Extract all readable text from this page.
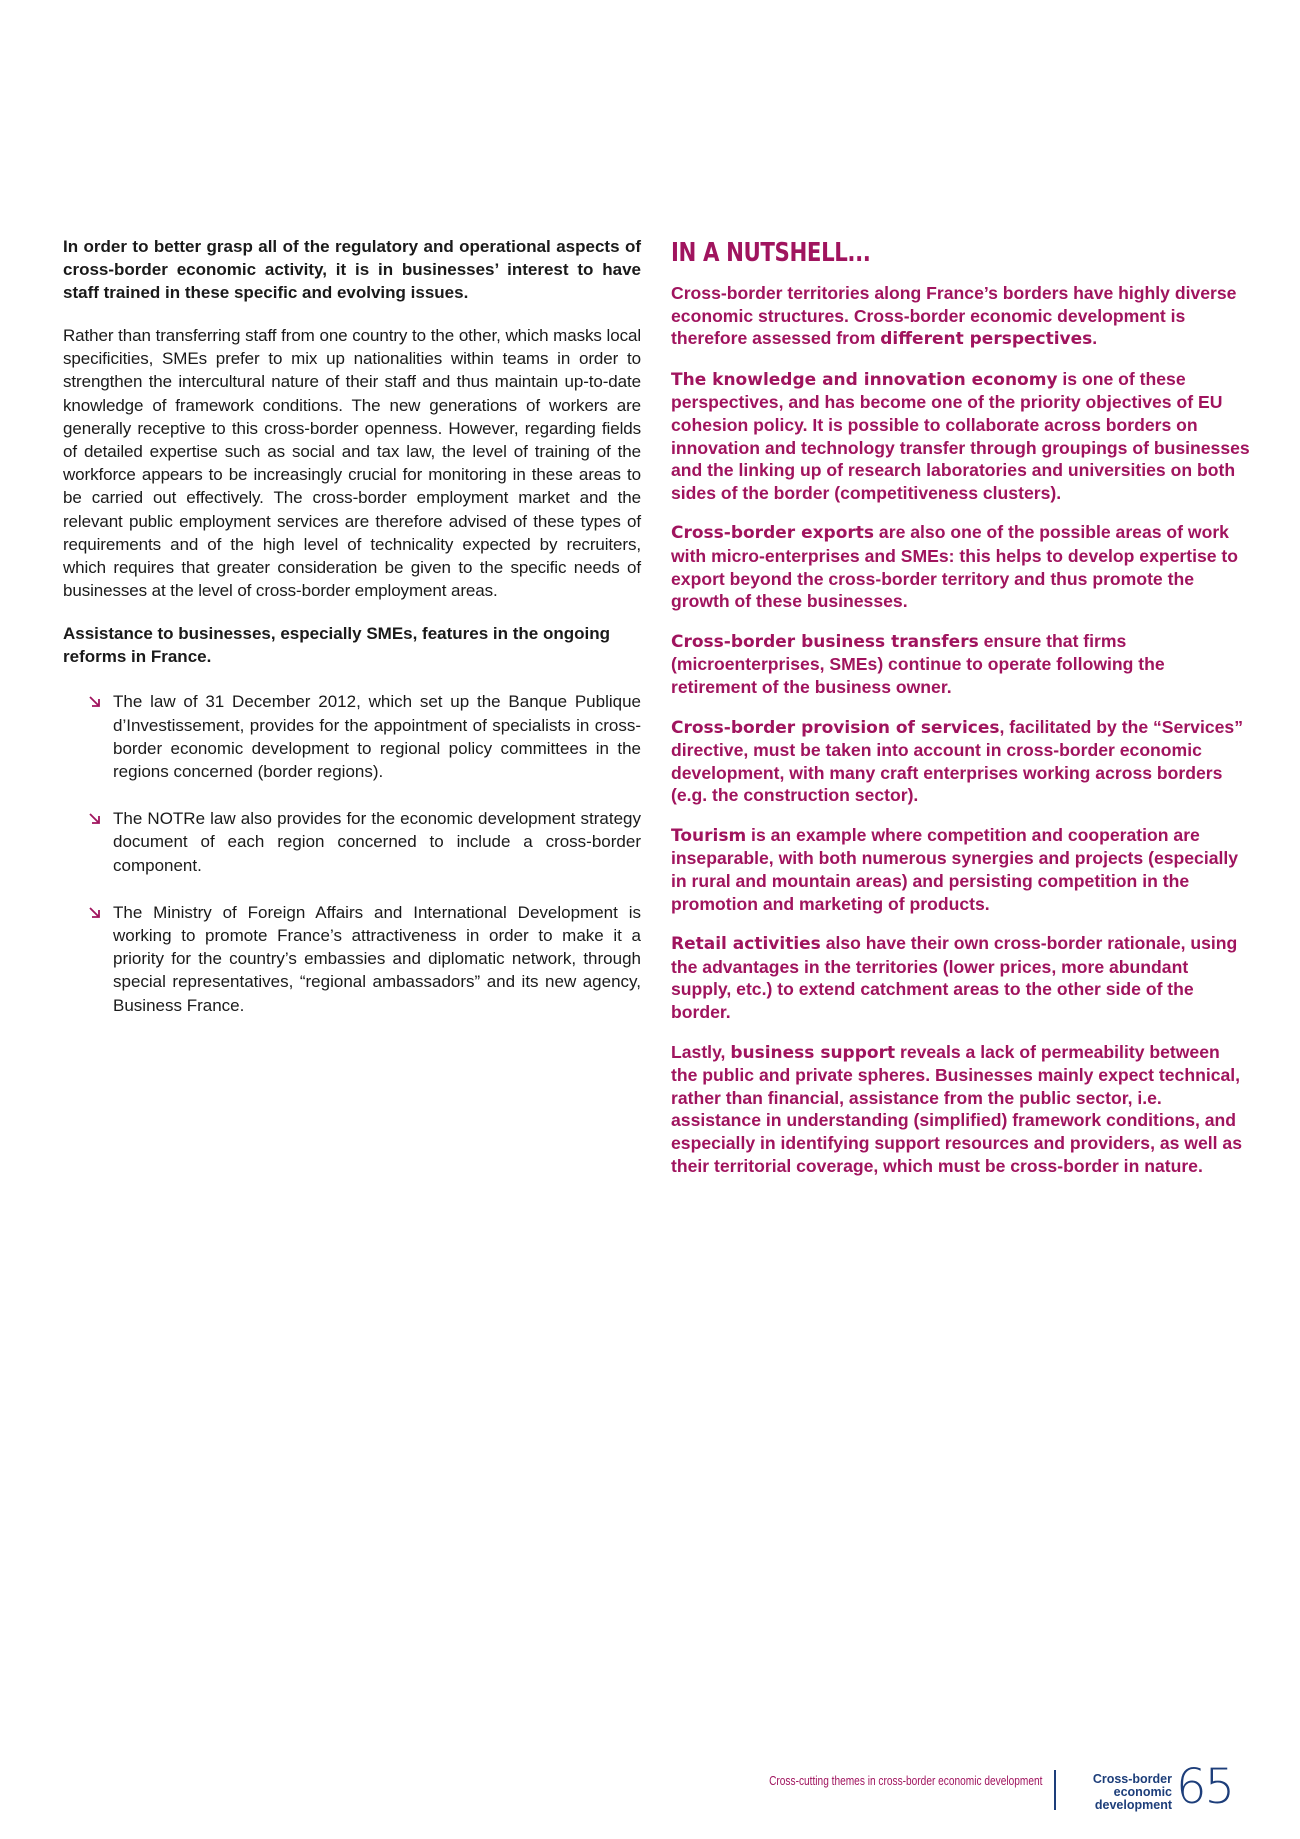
In order to better grasp all of the regulatory and operational aspects of cross-border economic activity, it is in businesses’ interest to have staff trained in these specific and evolving issues.

Rather than transferring staff from one country to the other, which masks local specificities, SMEs prefer to mix up nationalities within teams in order to strengthen the intercultural nature of their staff and thus maintain up-to-date knowledge of framework conditions. The new generations of workers are generally receptive to this cross-border openness. However, regarding fields of detailed expertise such as social and tax law, the level of training of the workforce appears to be increasingly crucial for monitoring in these areas to be carried out effectively. The cross-border employment market and the relevant public employment services are therefore advised of these types of requirements and of the high level of technicality expected by recruiters, which requires that greater consideration be given to the specific needs of businesses at the level of cross-border employment areas.

Assistance to businesses, especially SMEs, features in the ongoing reforms in France.

The law of 31 December 2012, which set up the Banque Publique d’Investissement, provides for the appointment of specialists in cross-border economic development to regional policy committees in the regions concerned (border regions).
The NOTRe law also provides for the economic development strategy document of each region concerned to include a cross-border component.
The Ministry of Foreign Affairs and International Development is working to promote France’s attractiveness in order to make it a priority for the country’s embassies and diplomatic network, through special representatives, “regional ambassadors” and its new agency, Business France.
IN A NUTSHELL...

Cross-border territories along France’s borders have highly diverse economic structures. Cross-border economic development is therefore assessed from different perspectives.

The knowledge and innovation economy is one of these perspectives, and has become one of the priority objectives of EU cohesion policy. It is possible to collaborate across borders on innovation and technology transfer through groupings of businesses and the linking up of research laboratories and universities on both sides of the border (competitiveness clusters).

Cross-border exports are also one of the possible areas of work with micro-enterprises and SMEs: this helps to develop expertise to export beyond the cross-border territory and thus promote the growth of these businesses.

Cross-border business transfers ensure that firms (microenterprises, SMEs) continue to operate following the retirement of the business owner.

Cross-border provision of services, facilitated by the “Services” directive, must be taken into account in cross-border economic development, with many craft enterprises working across borders (e.g. the construction sector).

Tourism is an example where competition and cooperation are inseparable, with both numerous synergies and projects (especially in rural and mountain areas) and persisting competition in the promotion and marketing of products.

Retail activities also have their own cross-border rationale, using the advantages in the territories (lower prices, more abundant supply, etc.) to extend catchment areas to the other side of the border.

Lastly, business support reveals a lack of permeability between the public and private spheres. Businesses mainly expect technical, rather than financial, assistance from the public sector, i.e. assistance in understanding (simplified) framework conditions, and especially in identifying support resources and providers, as well as their territorial coverage, which must be cross-border in nature.

Cross-cutting themes in cross-border economic development	Cross-border
economic
development 65
